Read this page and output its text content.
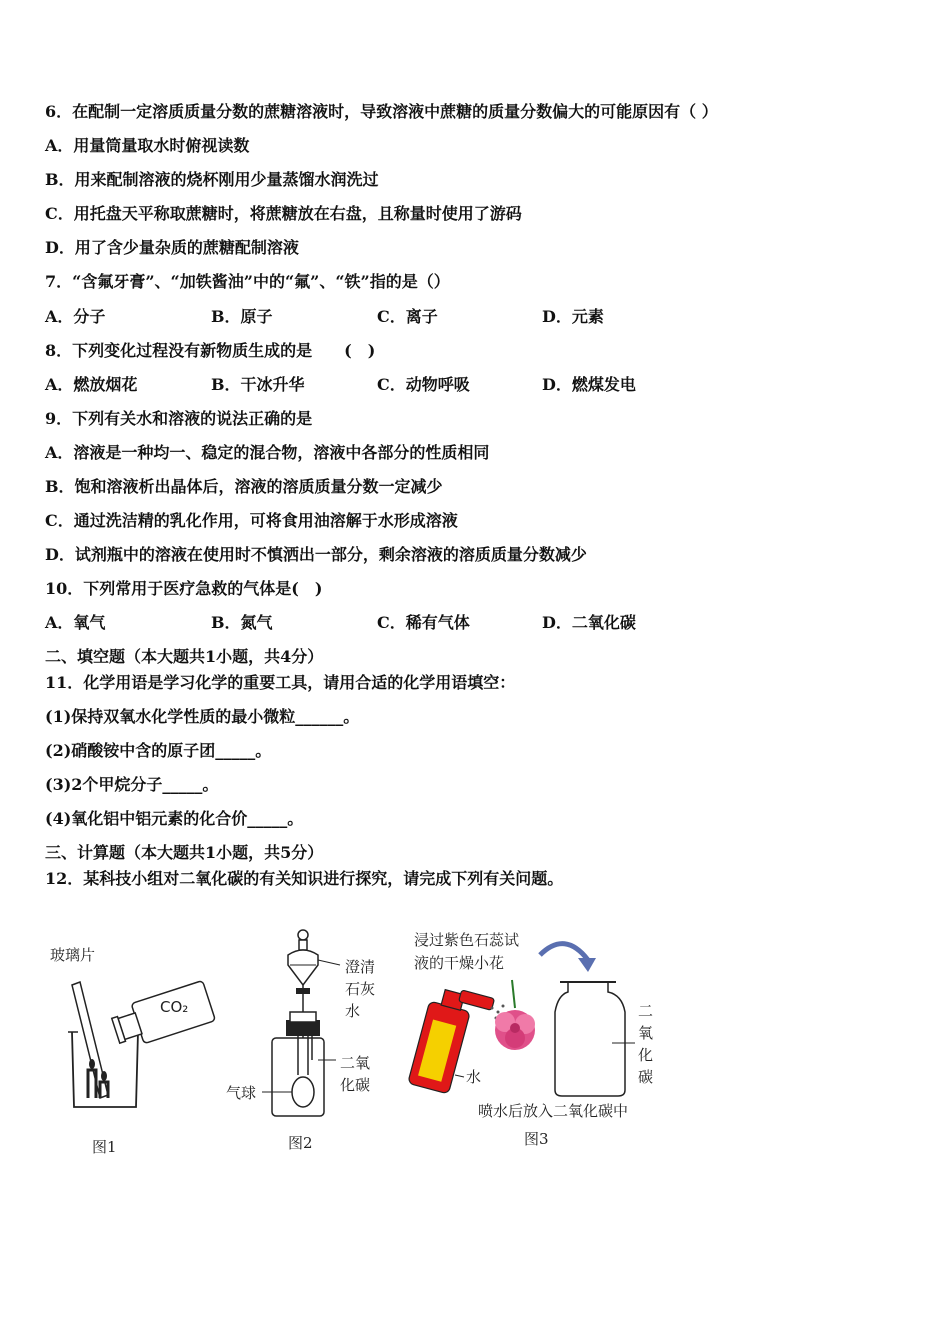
6．在配制一定溶质质量分数的蔗糖溶液时，导致溶液中蔗糖的质量分数偏大的可能原因有（ ）
A．用量筒量取水时俯视读数
B．用来配制溶液的烧杯刚用少量蒸馏水润洗过
C．用托盘天平称取蔗糖时，将蔗糖放在右盘，且称量时使用了游码
D．用了含少量杂质的蔗糖配制溶液
7．“含氟牙膏”、“加铁酱油”中的“氟”、“铁”指的是（）
A．分子	B．原子	C．离子	D．元素
8．下列变化过程没有新物质生成的是　　(　)
A．燃放烟花	B．干冰升华	C．动物呼吸	D．燃煤发电
9．下列有关水和溶液的说法正确的是
A．溶液是一种均一、稳定的混合物，溶液中各部分的性质相同
B．饱和溶液析出晶体后，溶液的溶质质量分数一定减少
C．通过洗洁精的乳化作用，可将食用油溶解于水形成溶液
D．试剂瓶中的溶液在使用时不慎洒出一部分，剩余溶液的溶质质量分数减少
10．下列常用于医疗急救的气体是(　)
A．氧气	B．氮气	C．稀有气体	D．二氧化碳
二、填空题（本大题共1小题，共4分）
11．化学用语是学习化学的重要工具，请用合适的化学用语填空：
(1)保持双氧水化学性质的最小微粒______。
(2)硝酸铵中含的原子团_____。
(3)2个甲烷分子_____。
(4)氧化铝中铝元素的化合价_____。
三、计算题（本大题共1小题，共5分）
12．某科技小组对二氧化碳的有关知识进行探究，请完成下列有关问题。
玻璃片
CO₂
图1
澄清
石灰
水
二氧
化碳
气球
图2
浸过紫色石蕊试
液的干燥小花
水
二
氧
化
碳
喷水后放入二氧化碳中
图3
